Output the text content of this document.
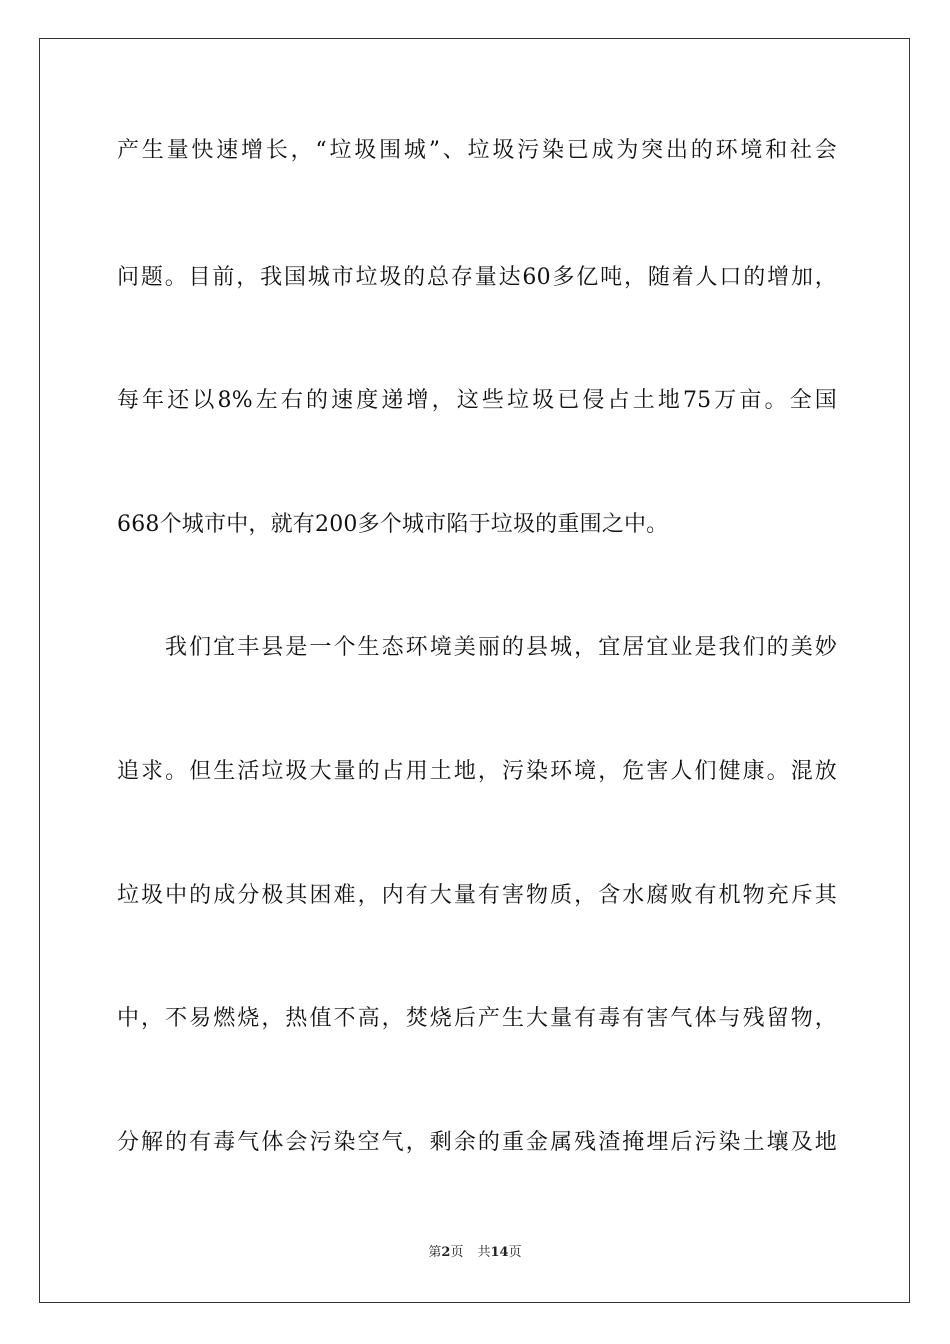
产生量快速增长，“垃圾围城”、垃圾污染已成为突出的环境和社会
问题。目前，我国城市垃圾的总存量达60多亿吨，随着人口的增加，
每年还以8%左右的速度递增，这些垃圾已侵占土地75万亩。全国
668个城市中，就有200多个城市陷于垃圾的重围之中。
我们宜丰县是一个生态环境美丽的县城，宜居宜业是我们的美妙
追求。但生活垃圾大量的占用土地，污染环境，危害人们健康。混放
垃圾中的成分极其困难，内有大量有害物质，含水腐败有机物充斥其
中，不易燃烧，热值不高，焚烧后产生大量有毒有害气体与残留物，
分解的有毒气体会污染空气，剩余的重金属残渣掩埋后污染土壤及地
第2页 共14页
